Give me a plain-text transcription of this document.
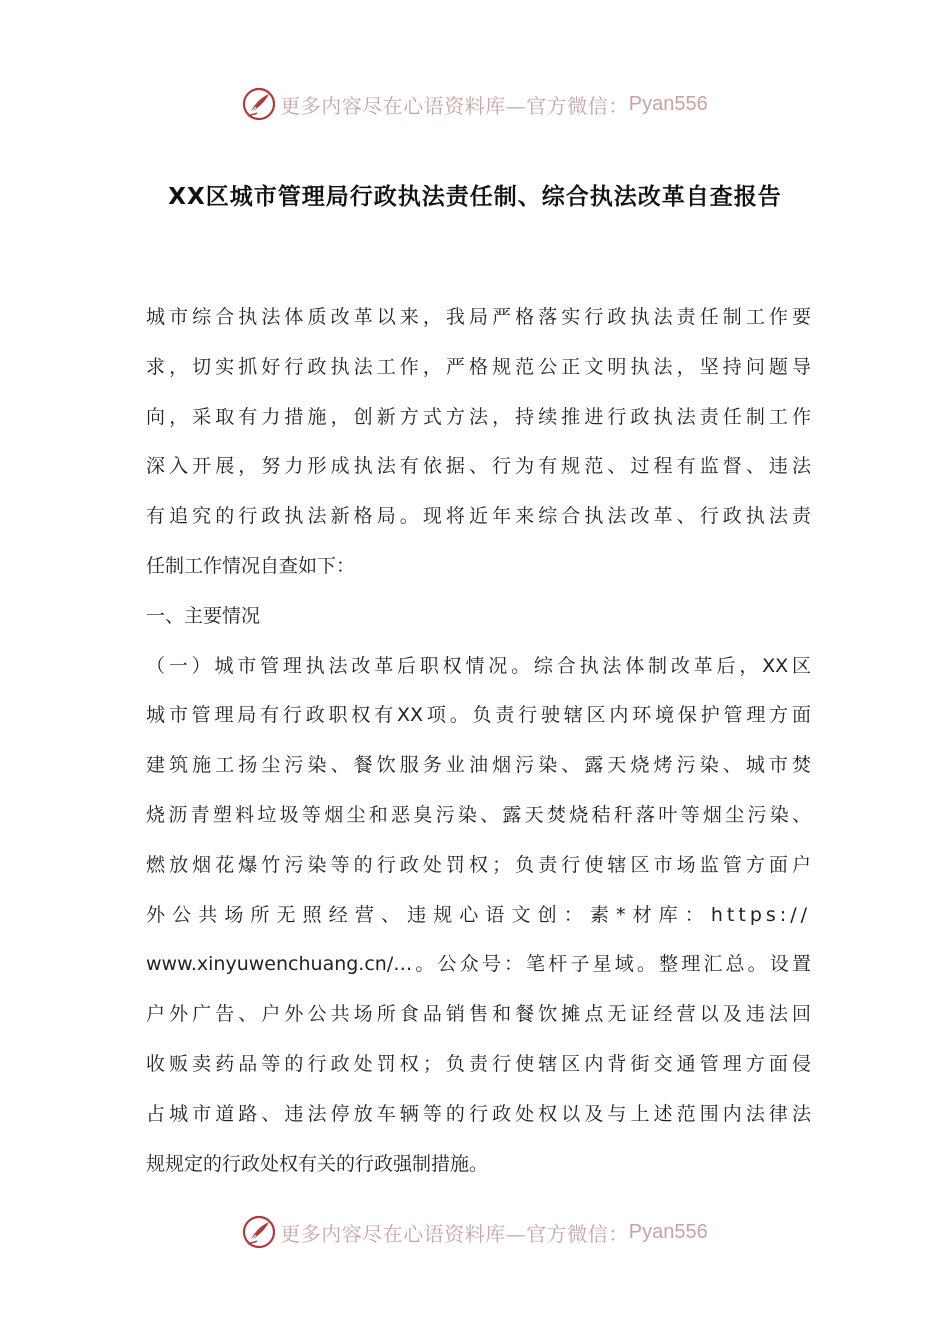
更多内容尽在心语资料库—官方微信： Pyan556
XX区城市管理局行政执法责任制、综合执法改革自查报告
城市综合执法体质改革以来，我局严格落实行政执法责任制工作要
求，切实抓好行政执法工作，严格规范公正文明执法，坚持问题导
向，采取有力措施，创新方式方法，持续推进行政执法责任制工作
深入开展，努力形成执法有依据、行为有规范、过程有监督、违法
有追究的行政执法新格局。现将近年来综合执法改革、行政执法责
任制工作情况自查如下：
一、主要情况
（一）城市管理执法改革后职权情况。综合执法体制改革后，XX区
城市管理局有行政职权有XX项。负责行驶辖区内环境保护管理方面
建筑施工扬尘污染、餐饮服务业油烟污染、露天烧烤污染、城市焚
烧沥青塑料垃圾等烟尘和恶臭污染、露天焚烧秸秆落叶等烟尘污染、
燃放烟花爆竹污染等的行政处罚权；负责行使辖区市场监管方面户
外公共场所无照经营、违规心语文创：素*材库：https://
www.xinyuwenchuang.cn/…。公众号：笔杆子星域。整理汇总。设置
户外广告、户外公共场所食品销售和餐饮摊点无证经营以及违法回
收贩卖药品等的行政处罚权；负责行使辖区内背街交通管理方面侵
占城市道路、违法停放车辆等的行政处权以及与上述范围内法律法
规规定的行政处权有关的行政强制措施。
更多内容尽在心语资料库—官方微信： Pyan556
